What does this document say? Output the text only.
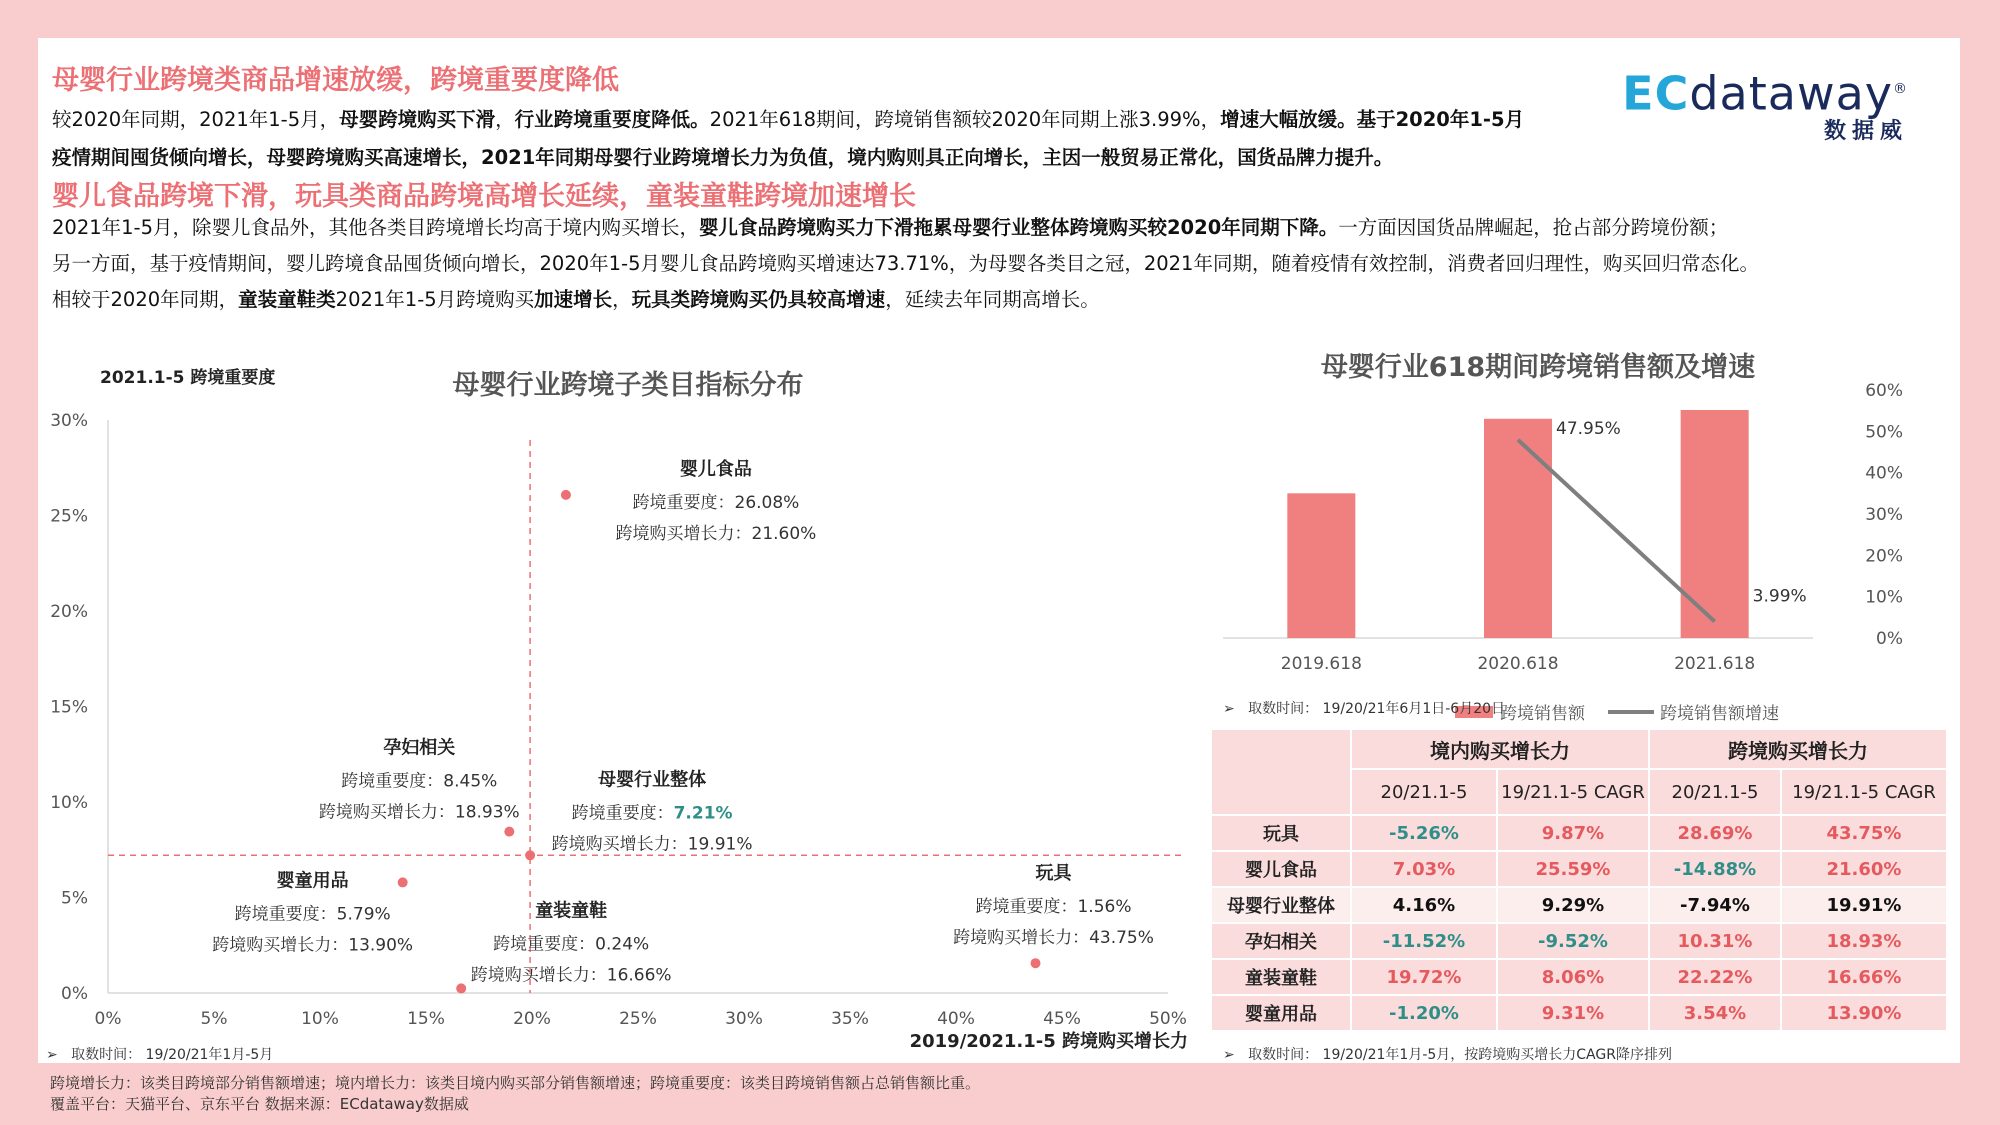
ECdataway®
数据威
母婴行业跨境类商品增速放缓，跨境重要度降低
较2020年同期，2021年1-5月，母婴跨境购买下滑，行业跨境重要度降低。2021年618期间，跨境销售额较2020年同期上涨3.99%，增速大幅放缓。基于2020年1-5月
疫情期间囤货倾向增长，母婴跨境购买高速增长，2021年同期母婴行业跨境增长力为负值，境内购则具正向增长，主因一般贸易正常化，国货品牌力提升。
婴儿食品跨境下滑，玩具类商品跨境高增长延续，童装童鞋跨境加速增长
2021年1-5月，除婴儿食品外，其他各类目跨境增长均高于境内购买增长，婴儿食品跨境购买力下滑拖累母婴行业整体跨境购买较2020年同期下降。一方面因国货品牌崛起，抢占部分跨境份额；
另一方面，基于疫情期间，婴儿跨境食品囤货倾向增长，2020年1-5月婴儿食品跨境购买增速达73.71%，为母婴各类目之冠，2021年同期，随着疫情有效控制，消费者回归理性，购买回归常态化。
相较于2020年同期，童装童鞋类2021年1-5月跨境购买加速增长，玩具类跨境购买仍具较高增速，延续去年同期高增长。
2021.1-5 跨境重要度	母婴行业跨境子类目指标分布
0%
5%
10%
15%
20%
25%
30%
0%	5%	10%	15%	20%	25%	30%	35%	40%	45%	50%
2019/2021.1-5 跨境购买增长力
婴儿食品
跨境重要度：26.08%
跨境购买增长力：21.60%
孕妇相关
跨境重要度：8.45%
跨境购买增长力：18.93%
母婴行业整体
跨境重要度：7.21%
跨境购买增长力：19.91%
婴童用品
跨境重要度：5.79%
跨境购买增长力：13.90%
童装童鞋
跨境重要度：0.24%
跨境购买增长力：16.66%
玩具
跨境重要度：1.56%
跨境购买增长力：43.75%
➢   取数时间： 19/20/21年1月-5月
母婴行业618期间跨境销售额及增速
0%
10%
20%
30%
40%
50%
60%
2019.618	2020.618	2021.618
47.95%
3.99%
跨境销售额	跨境销售额增速
➢   取数时间： 19/20/21年6月1日-6月20日
	境内购买增长力		跨境购买增长力	
	20/21.1-5	19/21.1-5 CAGR	20/21.1-5	19/21.1-5 CAGR
玩具	-5.26%	9.87%	28.69%	43.75%
婴儿食品	7.03%	25.59%	-14.88%	21.60%
母婴行业整体	4.16%	9.29%	-7.94%	19.91%
孕妇相关	-11.52%	-9.52%	10.31%	18.93%
童装童鞋	19.72%	8.06%	22.22%	16.66%
婴童用品	-1.20%	9.31%	3.54%	13.90%
➢   取数时间： 19/20/21年1月-5月，按跨境购买增长力CAGR降序排列
跨境增长力：该类目跨境部分销售额增速；境内增长力：该类目境内购买部分销售额增速；跨境重要度：该类目跨境销售额占总销售额比重。
覆盖平台：天猫平台、京东平台 数据来源：ECdataway数据威
